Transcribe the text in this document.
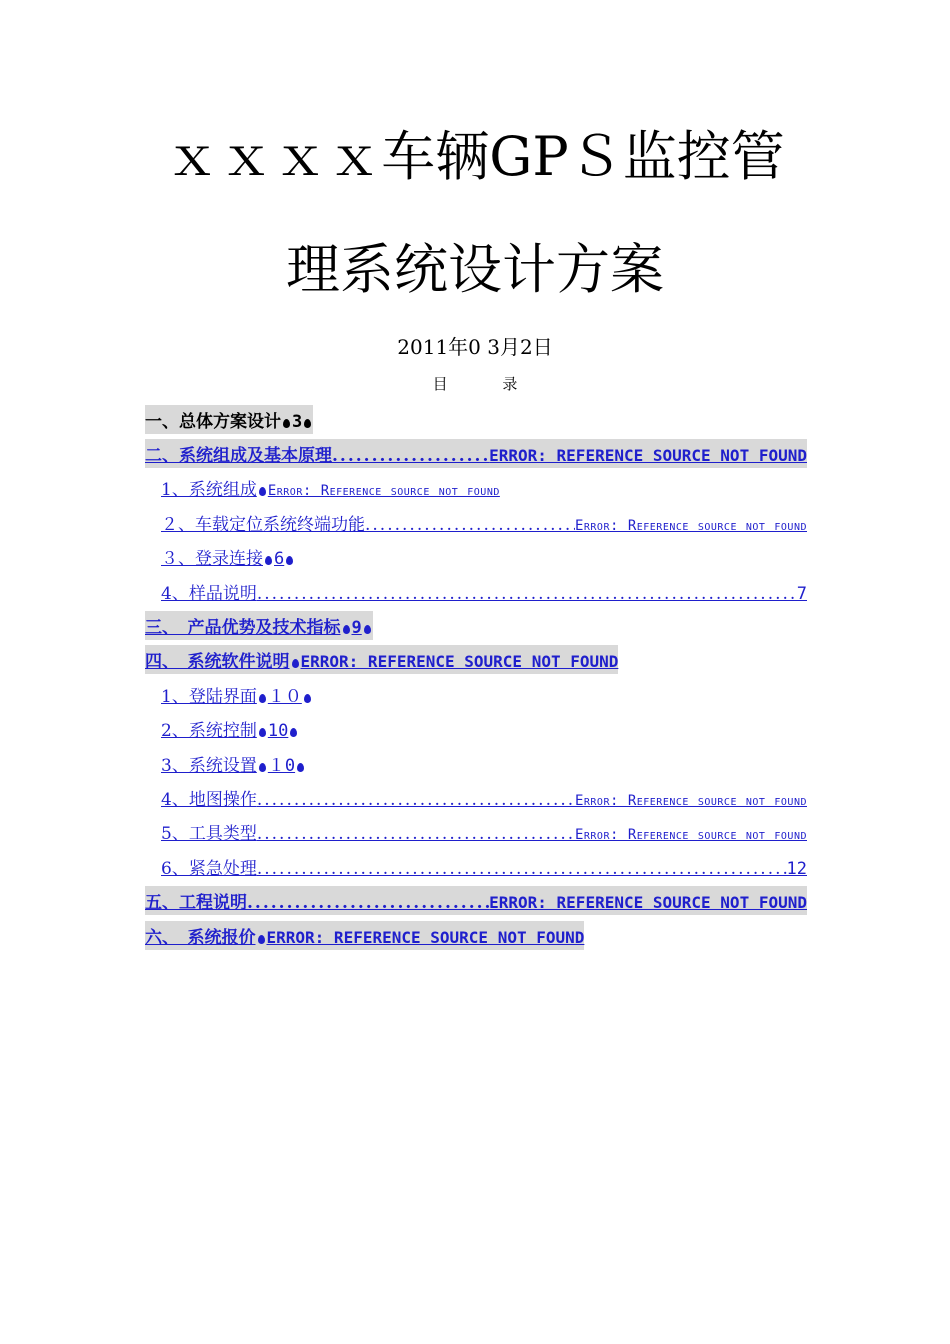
ｘｘｘｘ车辆GPＳ监控管
理系统设计方案
2011年0 3月2日
目 录
一、总体方案设计 3
二、系统组成及基本原理 .....	ERROR: REFERENCE SOURCE NOT FOUND
1、系统组成 Error: Reference source not found
２、车载定位系统终端功能 .....	Error: Reference source not found
３、登录连接 6
4、样品说明 .....	7
三、　产品优势及技术指标 9
四、　系统软件说明 ERROR: REFERENCE SOURCE NOT FOUND
1、登陆界面 １０
2、系统控制 10
3、系统设置 １0
4、地图操作 .....	Error: Reference source not found
5、工具类型 .....	Error: Reference source not found
6、紧急处理 .....	12
五、工程说明 .....	ERROR: REFERENCE SOURCE NOT FOUND
六、　系统报价 ERROR: REFERENCE SOURCE NOT FOUND
